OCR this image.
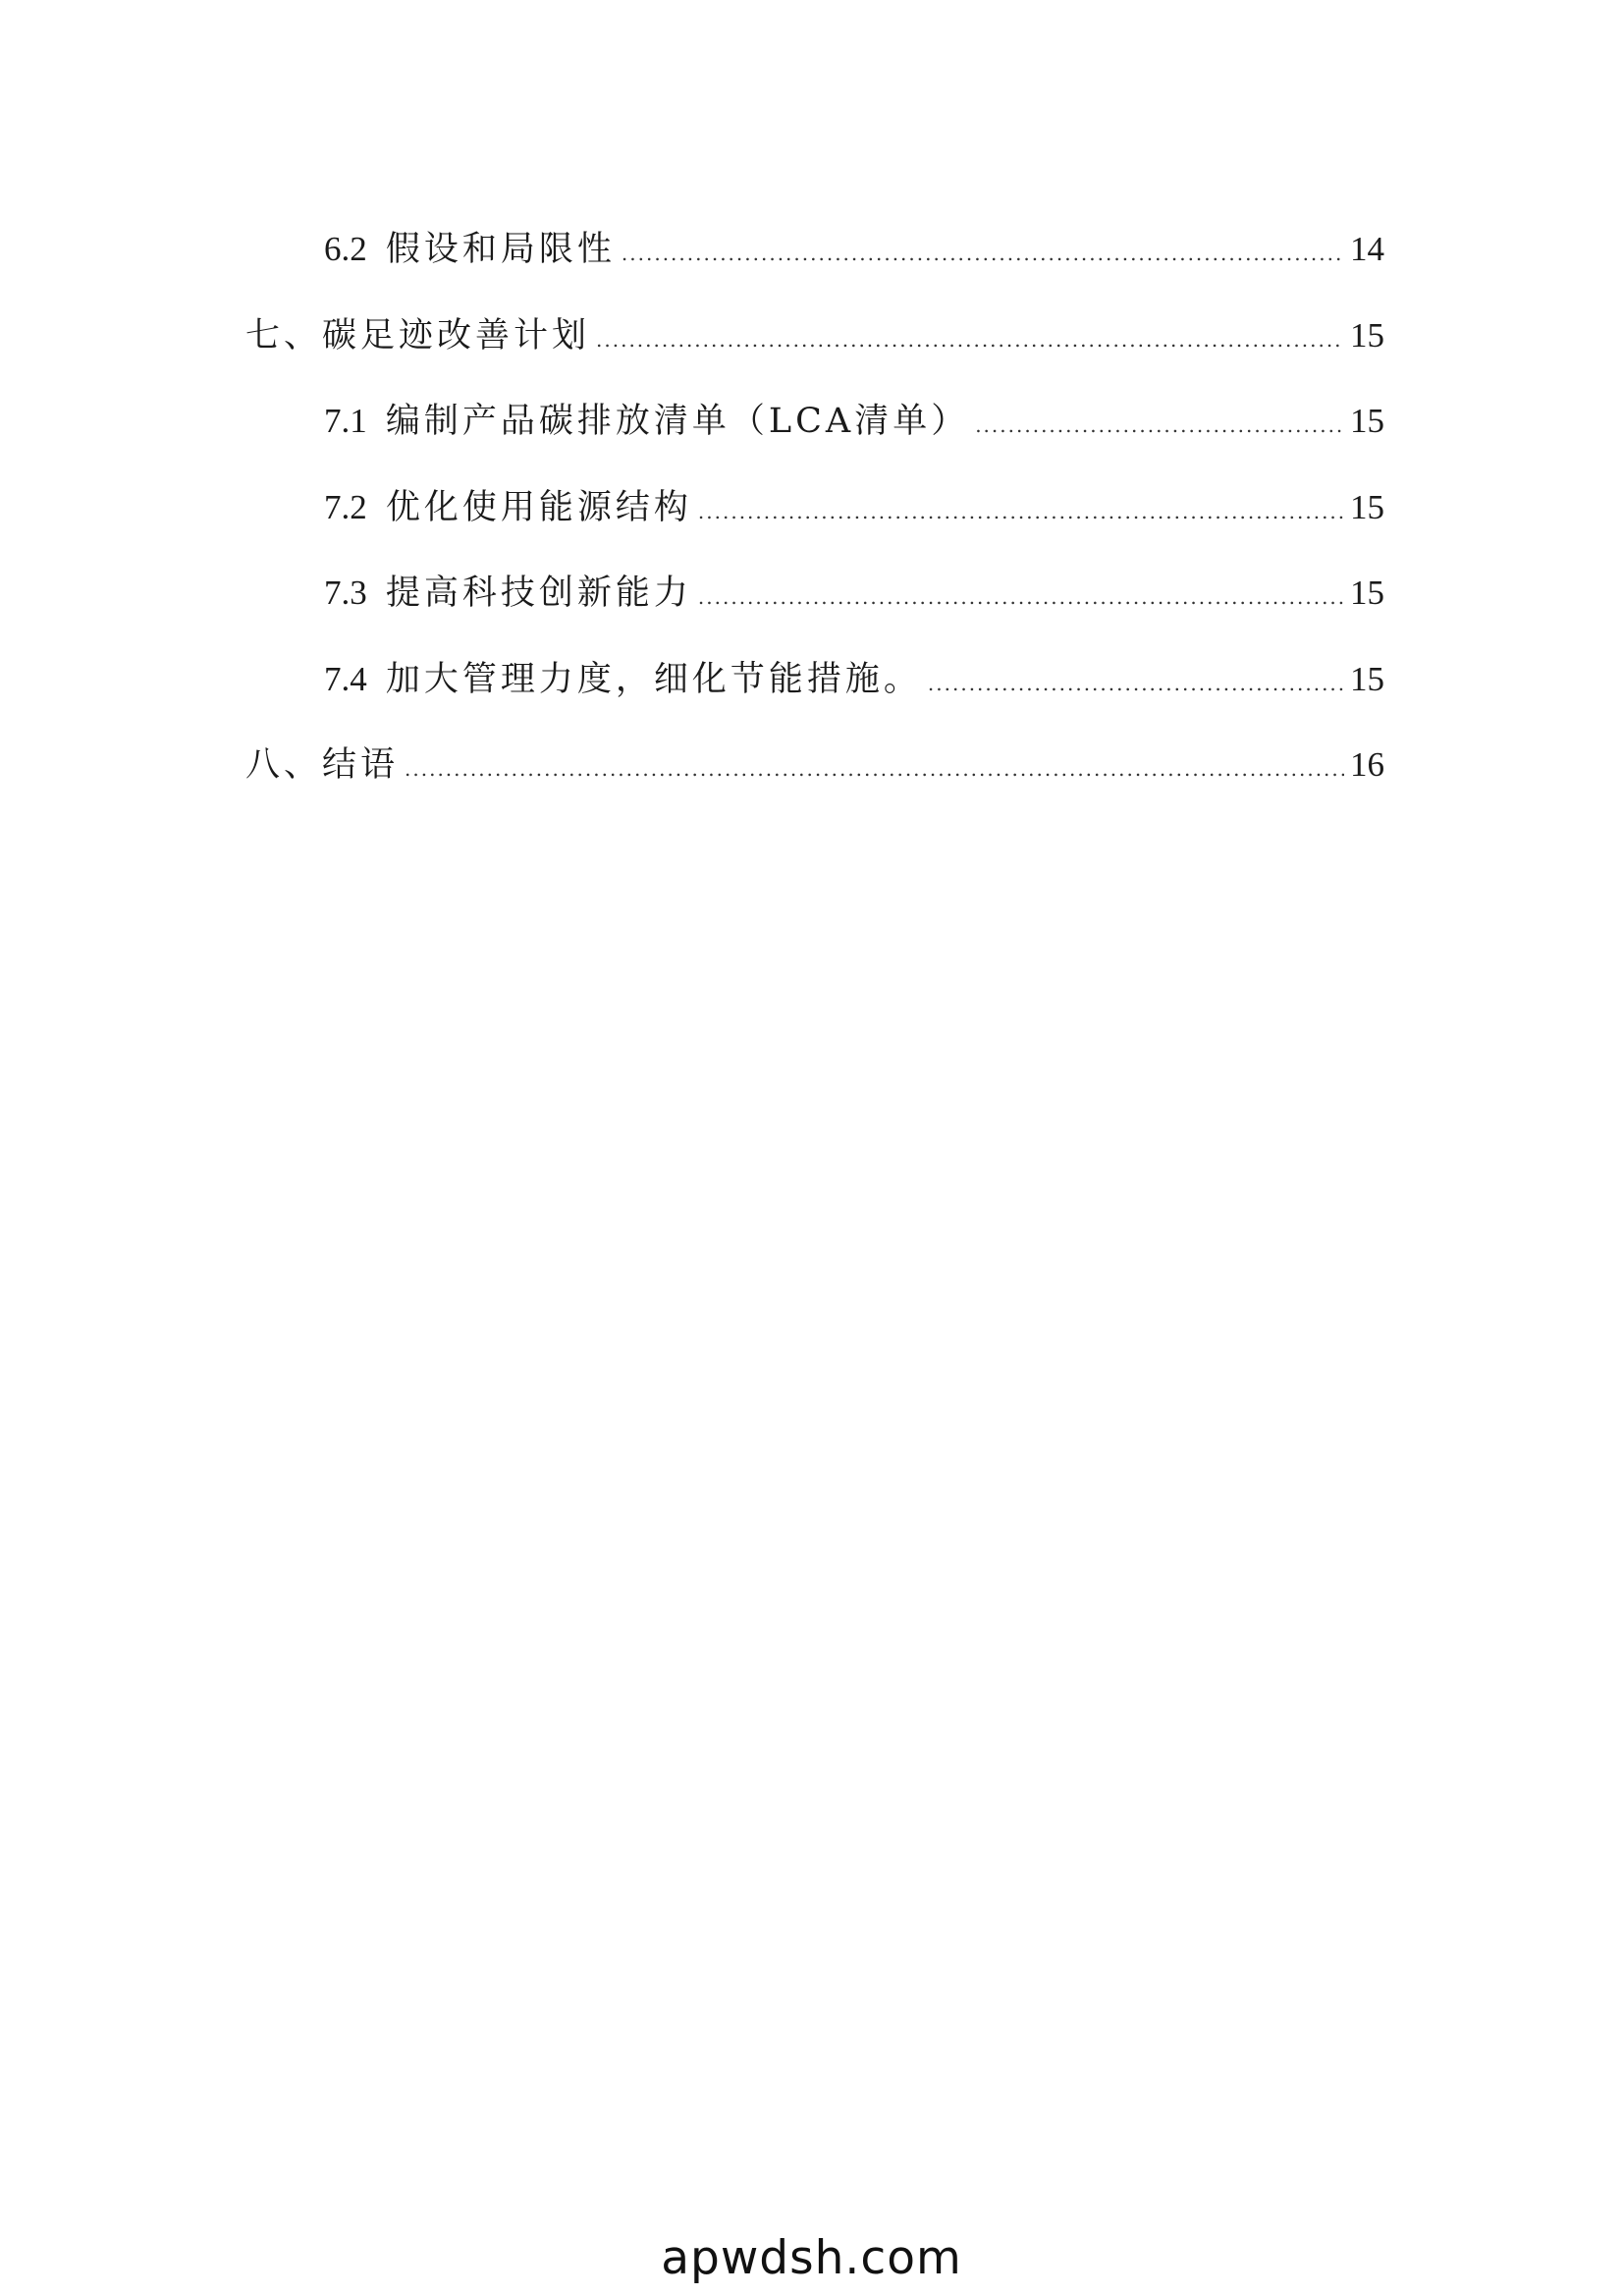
6.2 假设和局限性 .....	14
七、碳足迹改善计划 .....	15
7.1 编制产品碳排放清单（LCA清单） .....	15
7.2 优化使用能源结构 .....	15
7.3 提高科技创新能力 .....	15
7.4 加大管理力度，细化节能措施。 .....	15
八、结语 .....	16
apwdsh.com
